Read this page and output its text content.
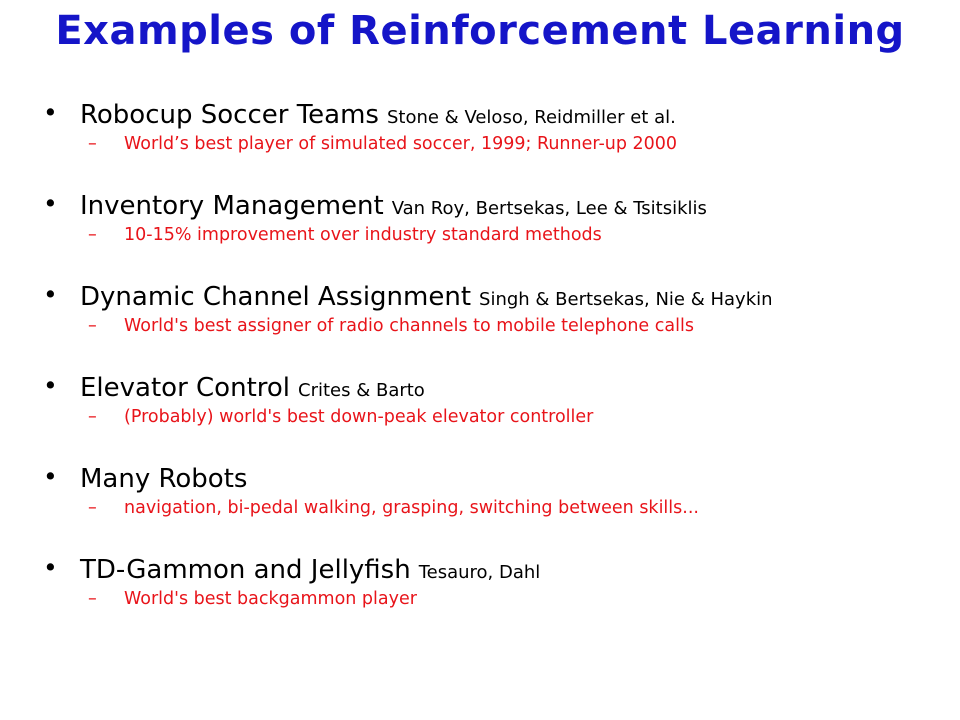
Examples of Reinforcement Learning
• Robocup Soccer Teams Stone & Veloso, Reidmiller et al.
– World’s best player of simulated soccer, 1999; Runner-up 2000
• Inventory Management Van Roy, Bertsekas, Lee & Tsitsiklis
– 10-15% improvement over industry standard methods
• Dynamic Channel Assignment Singh & Bertsekas, Nie & Haykin
– World's best assigner of radio channels to mobile telephone calls
• Elevator Control Crites & Barto
– (Probably) world's best down-peak elevator controller
• Many Robots
– navigation, bi-pedal walking, grasping, switching between skills...
• TD-Gammon and Jellyfish Tesauro, Dahl
– World's best backgammon player
